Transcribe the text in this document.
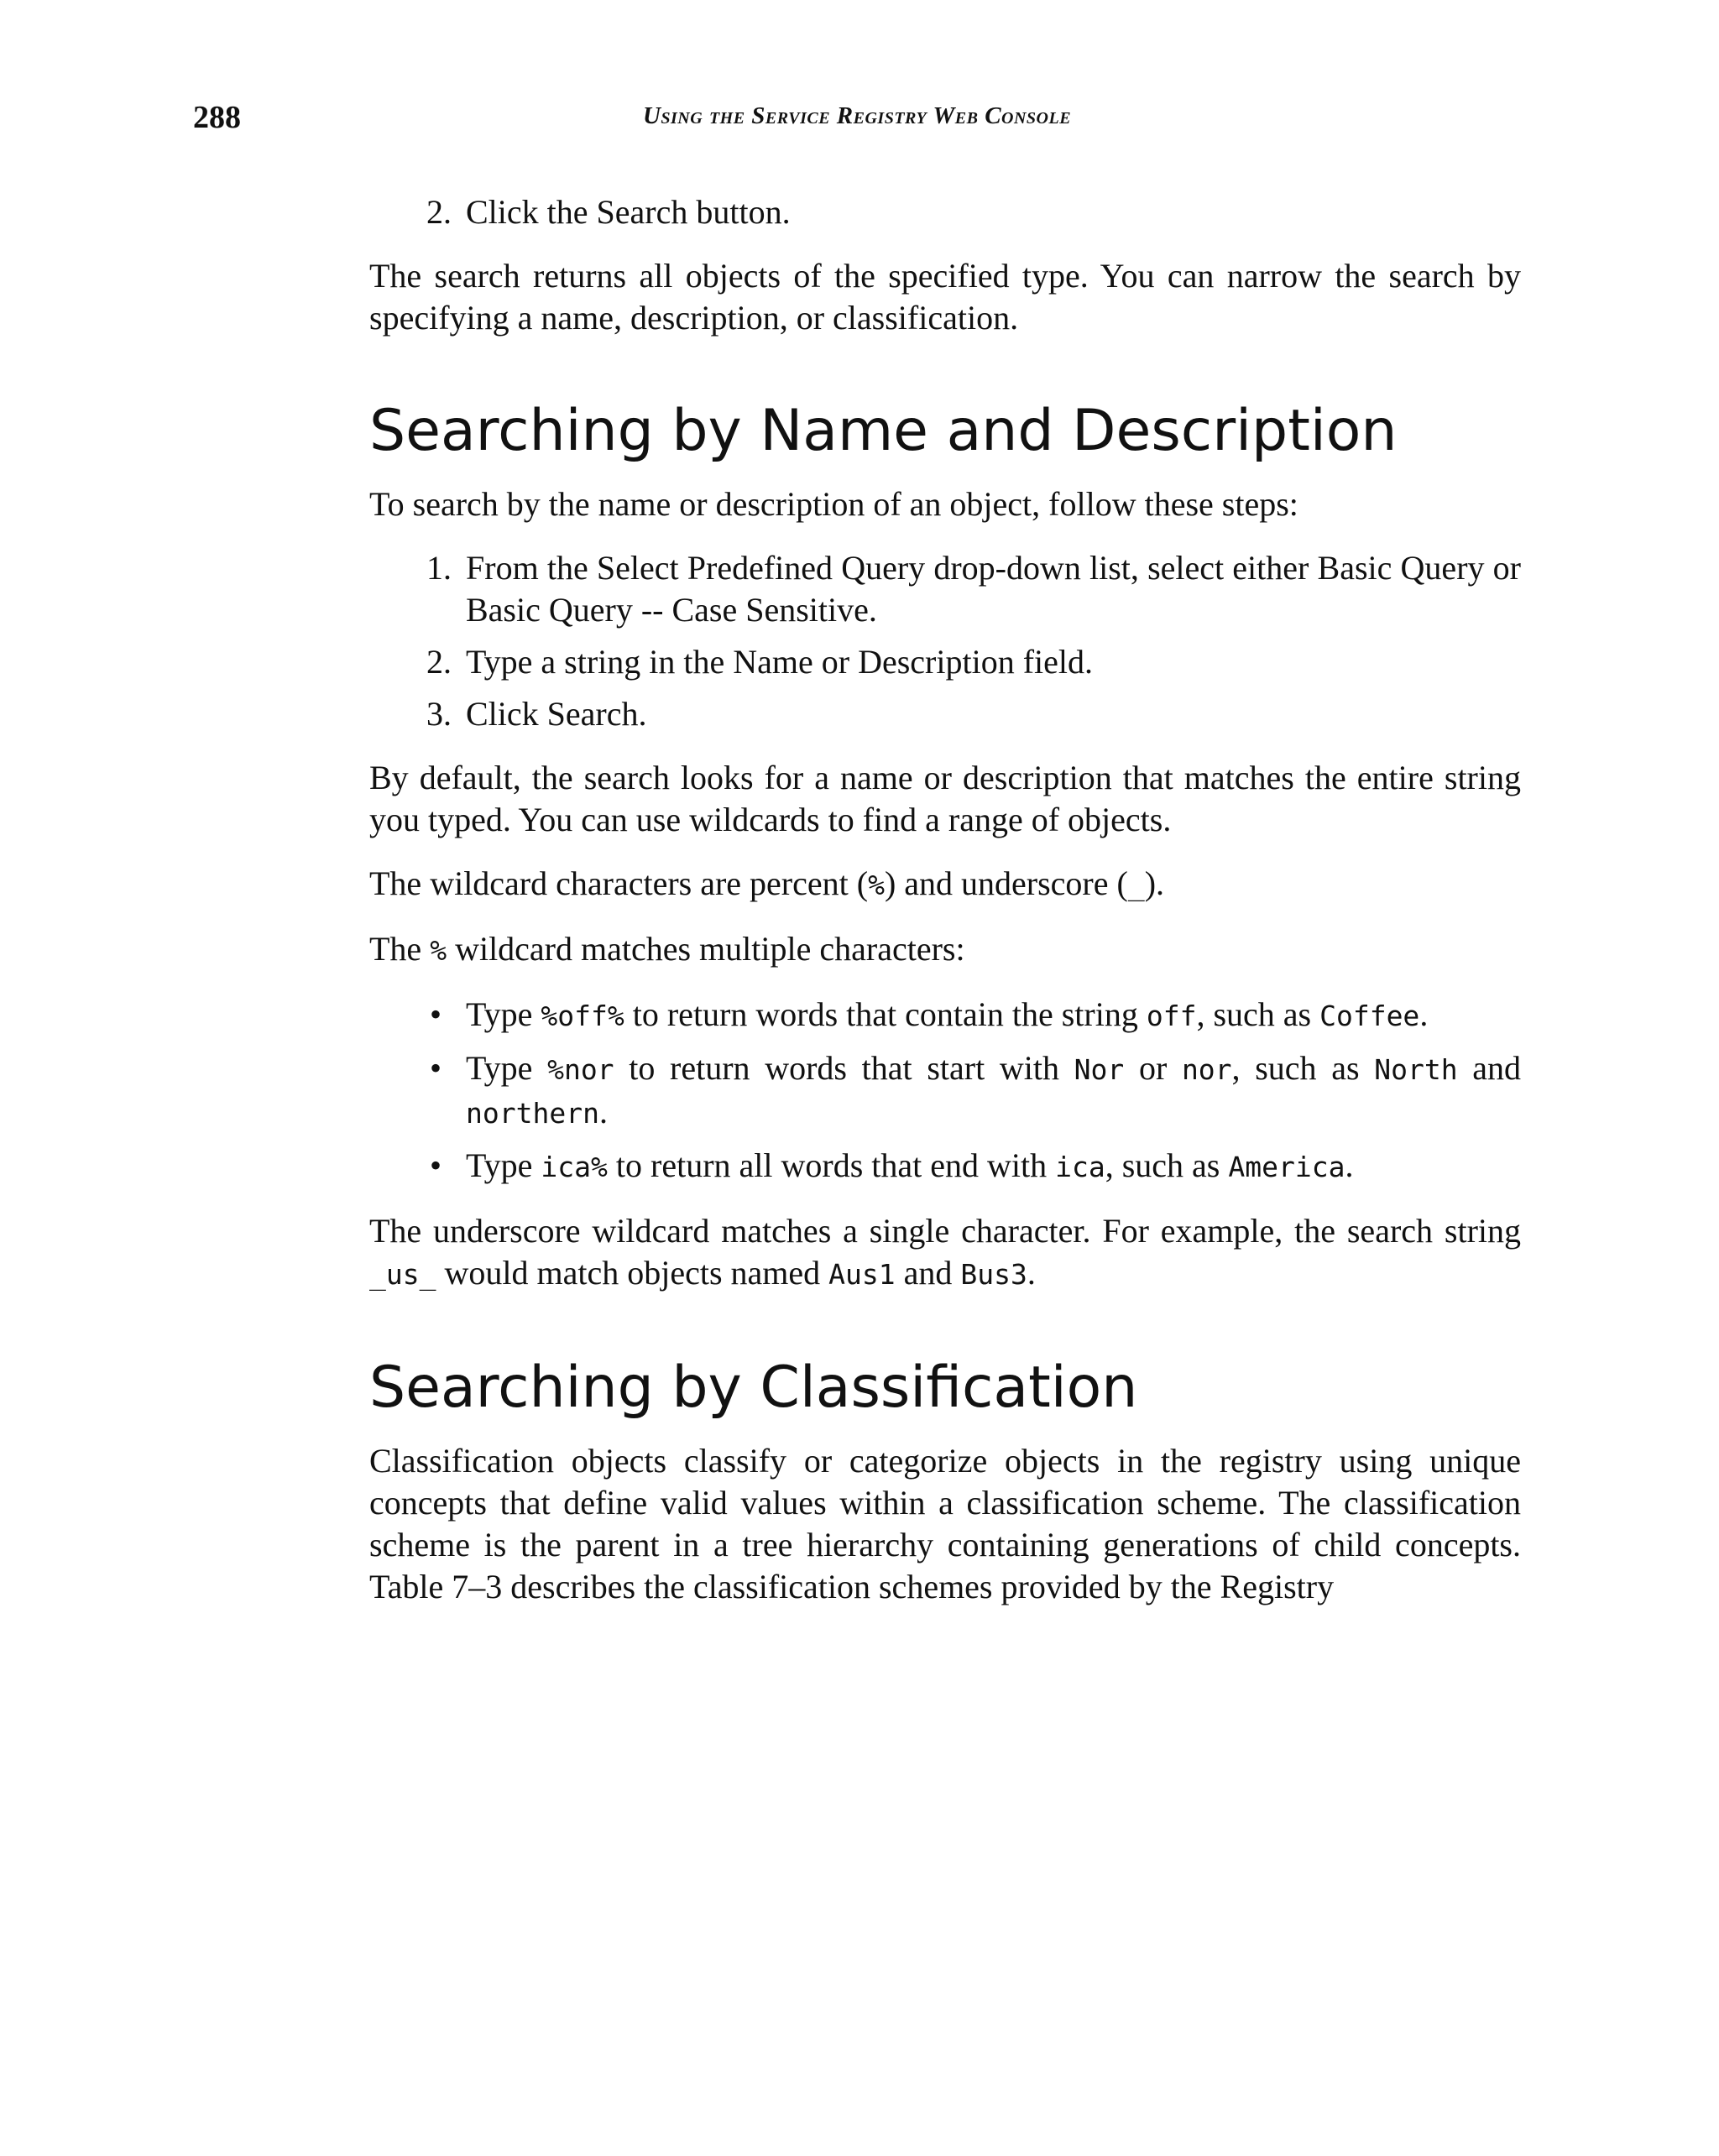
288	Using the Service Registry Web Console
2. Click the Search button.

The search returns all objects of the specified type. You can narrow the search by specifying a name, description, or classification.

Searching by Name and Description

To search by the name or description of an object, follow these steps:

1. From the Select Predefined Query drop-down list, select either Basic Query or Basic Query -- Case Sensitive.
2. Type a string in the Name or Description field.
3. Click Search.

By default, the search looks for a name or description that matches the entire string you typed. You can use wildcards to find a range of objects.

The wildcard characters are percent (%) and underscore (_).

The % wildcard matches multiple characters:

• Type %off% to return words that contain the string off, such as Coffee.
• Type %nor to return words that start with Nor or nor, such as North and northern.
• Type ica% to return all words that end with ica, such as America.

The underscore wildcard matches a single character. For example, the search string _us_ would match objects named Aus1 and Bus3.

Searching by Classification

Classification objects classify or categorize objects in the registry using unique concepts that define valid values within a classification scheme. The classification scheme is the parent in a tree hierarchy containing generations of child concepts. Table 7–3 describes the classification schemes provided by the Registry
